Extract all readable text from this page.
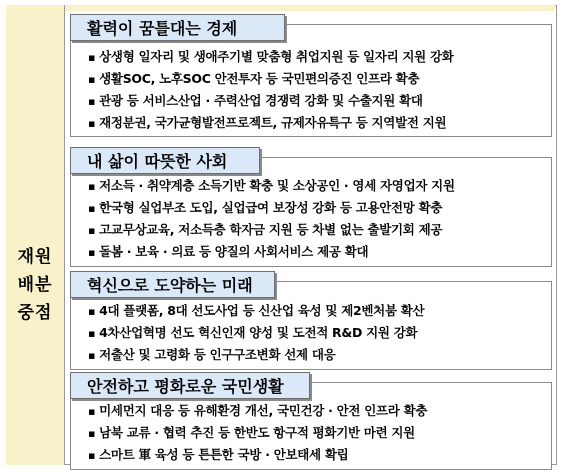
재원
배분
중점
활력이 꿈틀대는 경제
▪ 상생형 일자리 및 생애주기별 맞춤형 취업지원 등 일자리 지원 강화
▪ 생활SOC, 노후SOC 안전투자 등 국민편의증진 인프라 확충
▪ 관광 등 서비스산업 · 주력산업 경쟁력 강화 및 수출지원 확대
▪ 재정분권, 국가균형발전프로젝트, 규제자유특구 등 지역발전 지원
내 삶이 따뜻한 사회
▪ 저소득 · 취약계층 소득기반 확충 및 소상공인 · 영세 자영업자 지원
▪ 한국형 실업부조 도입, 실업급여 보장성 강화 등 고용안전망 확충
▪ 고교무상교육, 저소득층 학자금 지원 등 차별 없는 출발기회 제공
▪ 돌봄 · 보육 · 의료 등 양질의 사회서비스 제공 확대
혁신으로 도약하는 미래
▪ 4대 플랫폼, 8대 선도사업 등 신산업 육성 및 제2벤처붐 확산
▪ 4차산업혁명 선도 혁신인재 양성 및 도전적 R&D 지원 강화
▪ 저출산 및 고령화 등 인구구조변화 선제 대응
안전하고 평화로운 국민생활
▪ 미세먼지 대응 등 유해환경 개선, 국민건강 · 안전 인프라 확충
▪ 남북 교류 · 협력 추진 등 한반도 항구적 평화기반 마련 지원
▪ 스마트 軍 육성 등 튼튼한 국방 · 안보태세 확립
